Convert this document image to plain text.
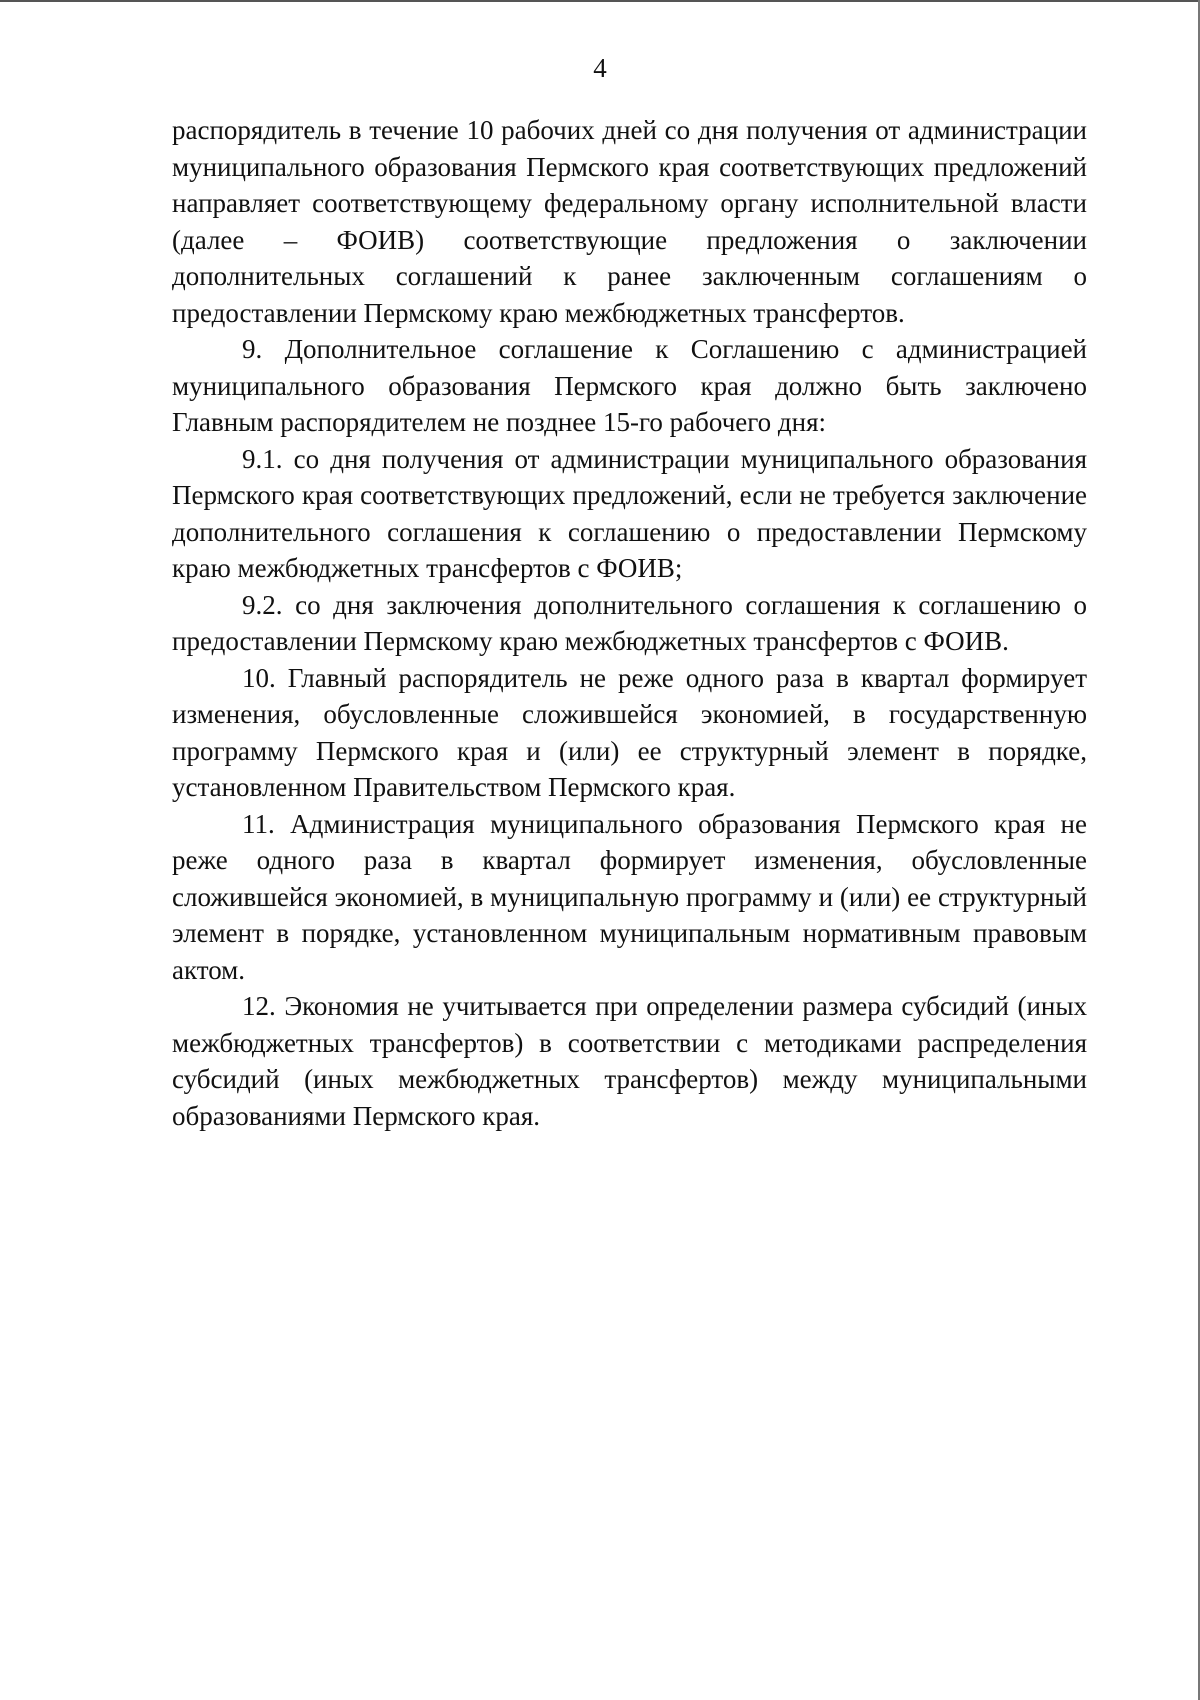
4

распорядитель в течение 10 рабочих дней со дня получения от администрации муниципального образования Пермского края соответствующих предложений направляет соответствующему федеральному органу исполнительной власти (далее – ФОИВ) соответствующие предложения о заключении дополнительных соглашений к ранее заключенным соглашениям о предоставлении Пермскому краю межбюджетных трансфертов.

9. Дополнительное соглашение к Соглашению с администрацией муниципального образования Пермского края должно быть заключено Главным распорядителем не позднее 15-го рабочего дня:

9.1. со дня получения от администрации муниципального образования Пермского края соответствующих предложений, если не требуется заключение дополнительного соглашения к соглашению о предоставлении Пермскому краю межбюджетных трансфертов с ФОИВ;

9.2. со дня заключения дополнительного соглашения к соглашению о предоставлении Пермскому краю межбюджетных трансфертов с ФОИВ.

10. Главный распорядитель не реже одного раза в квартал формирует изменения, обусловленные сложившейся экономией, в государственную программу Пермского края и (или) ее структурный элемент в порядке, установленном Правительством Пермского края.

11. Администрация муниципального образования Пермского края не реже одного раза в квартал формирует изменения, обусловленные сложившейся экономией, в муниципальную программу и (или) ее структурный элемент в порядке, установленном муниципальным нормативным правовым актом.

12. Экономия не учитывается при определении размера субсидий (иных межбюджетных трансфертов) в соответствии с методиками распределения субсидий (иных межбюджетных трансфертов) между муниципальными образованиями Пермского края.
